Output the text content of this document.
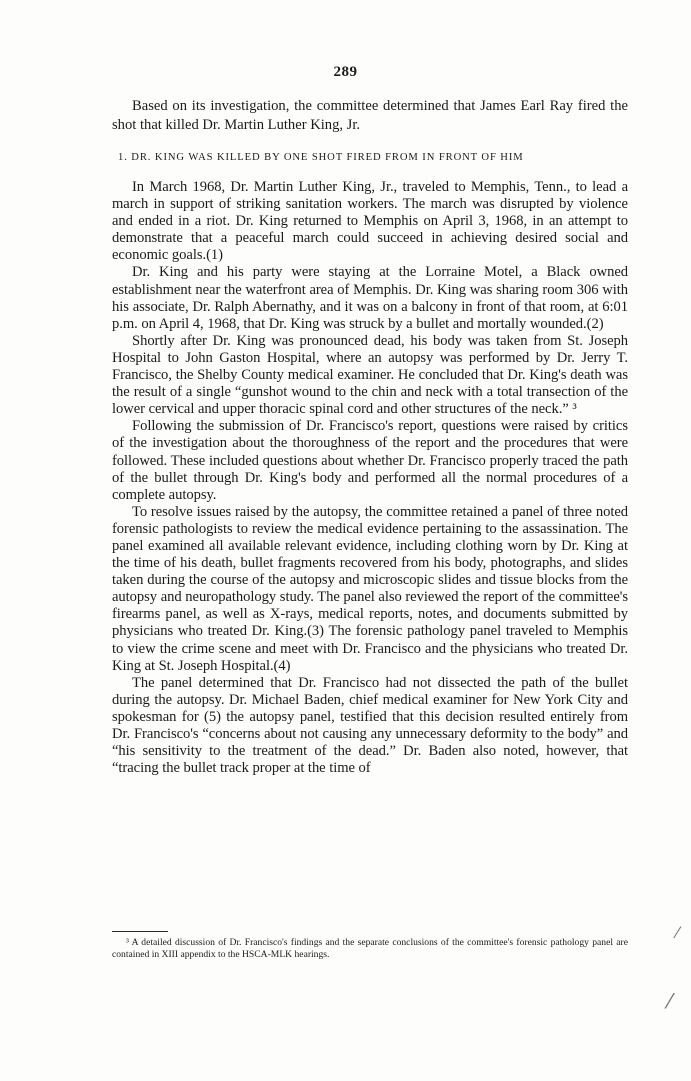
289

Based on its investigation, the committee determined that James Earl Ray fired the shot that killed Dr. Martin Luther King, Jr.

1. DR. KING WAS KILLED BY ONE SHOT FIRED FROM IN FRONT OF HIM

In March 1968, Dr. Martin Luther King, Jr., traveled to Memphis, Tenn., to lead a march in support of striking sanitation workers. The march was disrupted by violence and ended in a riot. Dr. King returned to Memphis on April 3, 1968, in an attempt to demonstrate that a peaceful march could succeed in achieving desired social and economic goals.(1)

Dr. King and his party were staying at the Lorraine Motel, a Black owned establishment near the waterfront area of Memphis. Dr. King was sharing room 306 with his associate, Dr. Ralph Abernathy, and it was on a balcony in front of that room, at 6:01 p.m. on April 4, 1968, that Dr. King was struck by a bullet and mortally wounded.(2)

Shortly after Dr. King was pronounced dead, his body was taken from St. Joseph Hospital to John Gaston Hospital, where an autopsy was performed by Dr. Jerry T. Francisco, the Shelby County medical examiner. He concluded that Dr. King's death was the result of a single “gunshot wound to the chin and neck with a total transection of the lower cervical and upper thoracic spinal cord and other structures of the neck.” ³

Following the submission of Dr. Francisco's report, questions were raised by critics of the investigation about the thoroughness of the report and the procedures that were followed. These included questions about whether Dr. Francisco properly traced the path of the bullet through Dr. King's body and performed all the normal procedures of a complete autopsy.

To resolve issues raised by the autopsy, the committee retained a panel of three noted forensic pathologists to review the medical evidence pertaining to the assassination. The panel examined all available relevant evidence, including clothing worn by Dr. King at the time of his death, bullet fragments recovered from his body, photographs, and slides taken during the course of the autopsy and microscopic slides and tissue blocks from the autopsy and neuropathology study. The panel also reviewed the report of the committee's firearms panel, as well as X-rays, medical reports, notes, and documents submitted by physicians who treated Dr. King.(3) The forensic pathology panel traveled to Memphis to view the crime scene and meet with Dr. Francisco and the physicians who treated Dr. King at St. Joseph Hospital.(4)

The panel determined that Dr. Francisco had not dissected the path of the bullet during the autopsy. Dr. Michael Baden, chief medical examiner for New York City and spokesman for (5) the autopsy panel, testified that this decision resulted entirely from Dr. Francisco's “concerns about not causing any unnecessary deformity to the body” and “his sensitivity to the treatment of the dead.” Dr. Baden also noted, however, that “tracing the bullet track proper at the time of

³ A detailed discussion of Dr. Francisco's findings and the separate conclusions of the committee's forensic pathology panel are contained in XIII appendix to the HSCA-MLK hearings.

⁄
⁄
